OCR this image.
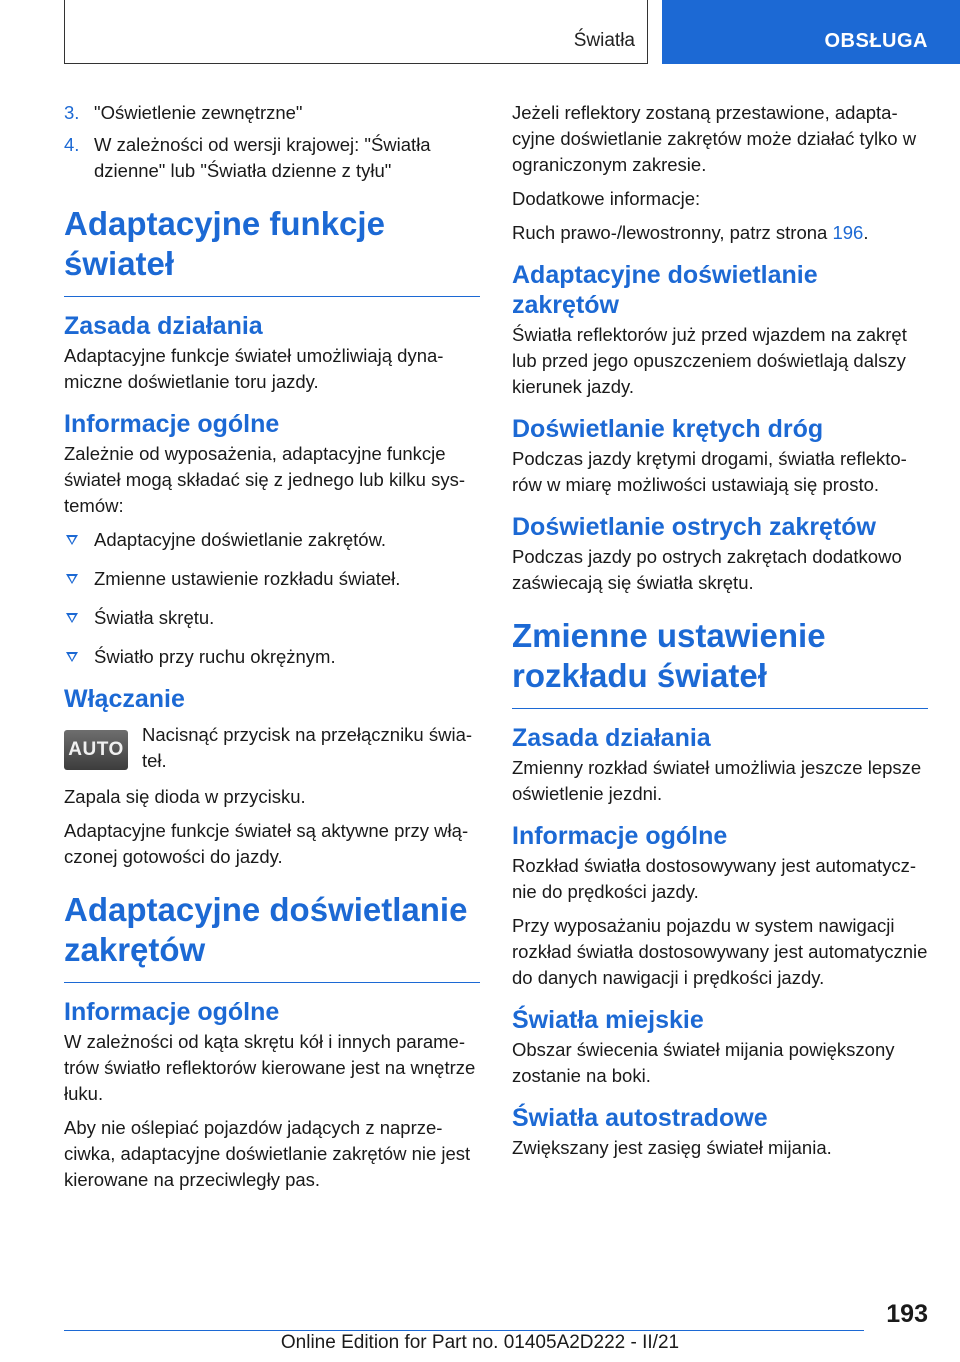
Światła	OBSŁUGA
3. "Oświetlenie zewnętrzne"
4. W zależności od wersji krajowej: "Światła dzienne" lub "Światła dzienne z tyłu"
Adaptacyjne funkcje świateł
Zasada działania

Adaptacyjne funkcje świateł umożliwiają dynamiczne doświetlanie toru jazdy.

Informacje ogólne

Zależnie od wyposażenia, adaptacyjne funkcje świateł mogą składać się z jednego lub kilku systemów:

Adaptacyjne doświetlanie zakrętów.
Zmienne ustawienie rozkładu świateł.
Światła skrętu.
Światło przy ruchu okrężnym.
Włączanie
AUTO

Nacisnąć przycisk na przełączniku świateł.

Zapala się dioda w przycisku.

Adaptacyjne funkcje świateł są aktywne przy włączonej gotowości do jazdy.

Adaptacyjne doświetlanie zakrętów
Informacje ogólne

W zależności od kąta skrętu kół i innych parametrów światło reflektorów kierowane jest na wnętrze łuku.

Aby nie oślepiać pojazdów jadących z naprzeciwka, adaptacyjne doświetlanie zakrętów nie jest kierowane na przeciwległy pas.

Jeżeli reflektory zostaną przestawione, adaptacyjne doświetlanie zakrętów może działać tylko w ograniczonym zakresie.

Dodatkowe informacje:

Ruch prawo-/lewostronny, patrz strona 196.

Adaptacyjne doświetlanie zakrętów

Światła reflektorów już przed wjazdem na zakręt lub przed jego opuszczeniem doświetlają dalszy kierunek jazdy.

Doświetlanie krętych dróg

Podczas jazdy krętymi drogami, światła reflektorów w miarę możliwości ustawiają się prosto.

Doświetlanie ostrych zakrętów

Podczas jazdy po ostrych zakrętach dodatkowo zaświecają się światła skrętu.

Zmienne ustawienie rozkładu świateł
Zasada działania

Zmienny rozkład świateł umożliwia jeszcze lepsze oświetlenie jezdni.

Informacje ogólne

Rozkład światła dostosowywany jest automatycznie do prędkości jazdy.

Przy wyposażaniu pojazdu w system nawigacji rozkład światła dostosowywany jest automatycznie do danych nawigacji i prędkości jazdy.

Światła miejskie

Obszar świecenia świateł mijania powiększony zostanie na boki.

Światła autostradowe

Zwiększany jest zasięg świateł mijania.

193
Online Edition for Part no. 01405A2D222 - II/21
